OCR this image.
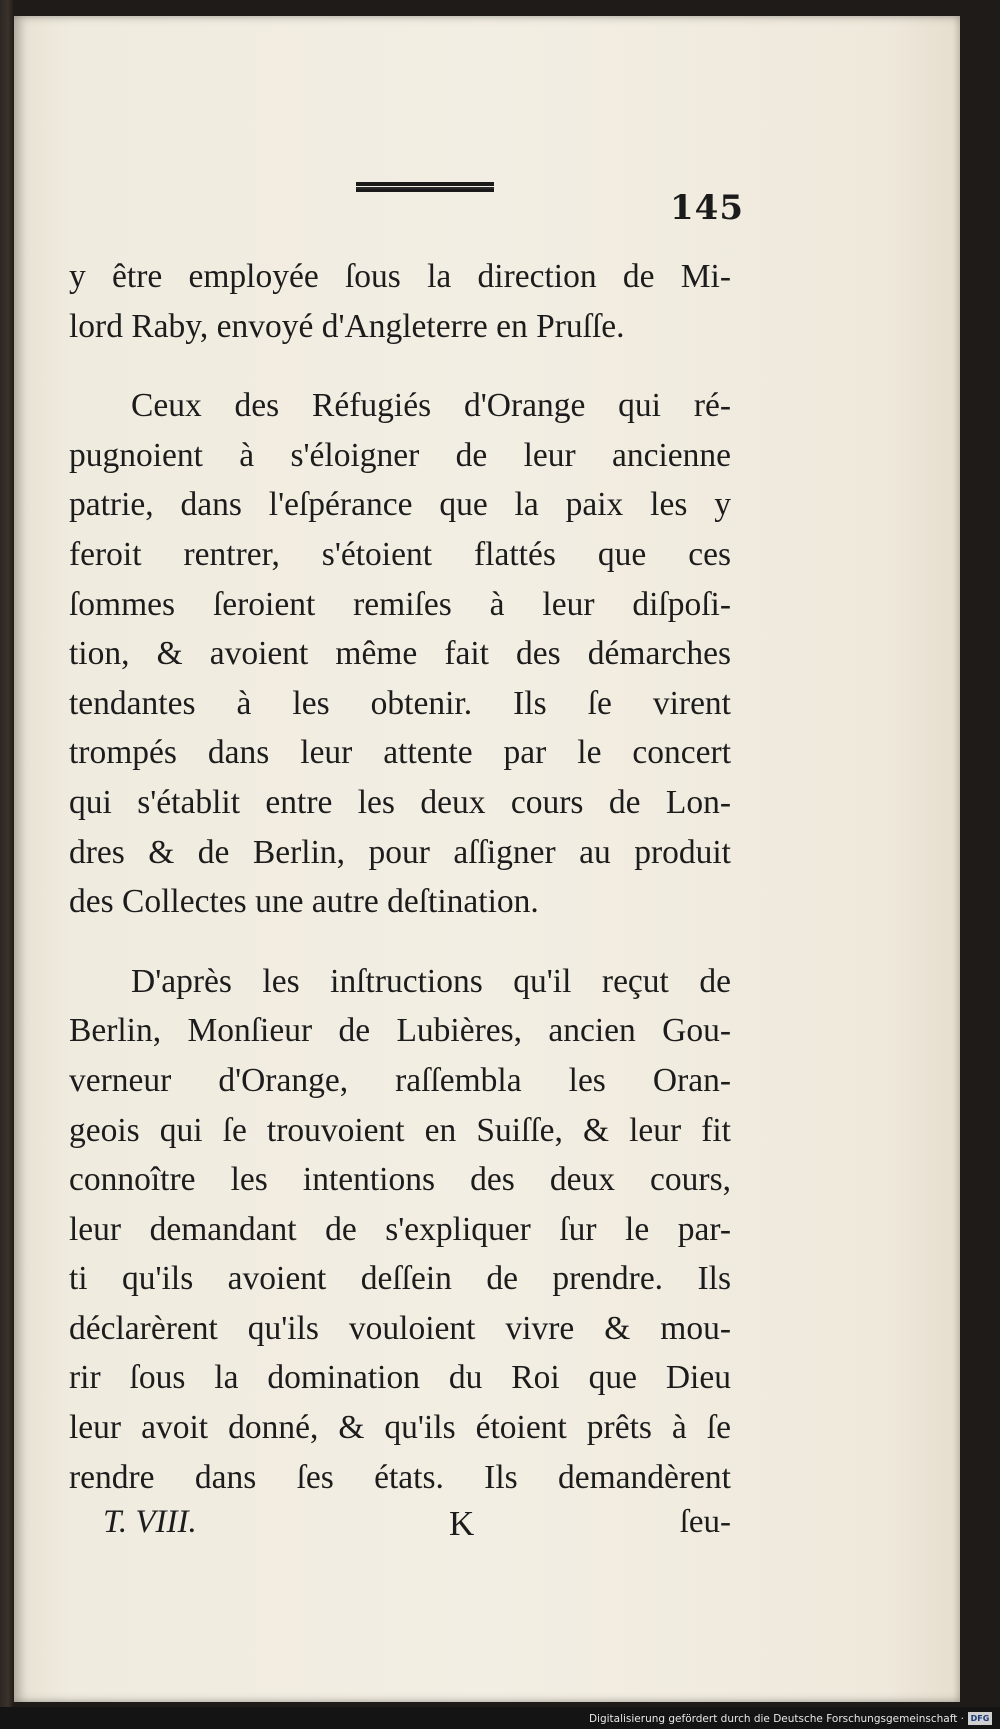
145
y être employée ſous la direction de Mi-
lord Raby, envoyé d'Angleterre en Pruſſe.
Ceux des Réfugiés d'Orange qui ré-
pugnoient à s'éloigner de leur ancienne
patrie, dans l'eſpérance que la paix les y
feroit rentrer, s'étoient flattés que ces
ſommes ſeroient remiſes à leur diſpoſi-
tion, & avoient même fait des démarches
tendantes à les obtenir. Ils ſe virent
trompés dans leur attente par le concert
qui s'établit entre les deux cours de Lon-
dres & de Berlin, pour aſſigner au produit
des Collectes une autre deſtination.
D'après les inſtructions qu'il reçut de
Berlin, Monſieur de Lubières, ancien Gou-
verneur d'Orange, raſſembla les Oran-
geois qui ſe trouvoient en Suiſſe, & leur fit
connoître les intentions des deux cours,
leur demandant de s'expliquer ſur le par-
ti qu'ils avoient deſſein de prendre. Ils
déclarèrent qu'ils vouloient vivre & mou-
rir ſous la domination du Roi que Dieu
leur avoit donné, & qu'ils étoient prêts à ſe
rendre dans ſes états. Ils demandèrent
T. VIII.	K	ſeu-
Digitalisierung gefördert durch die Deutsche Forschungsgemeinschaft · DFG
